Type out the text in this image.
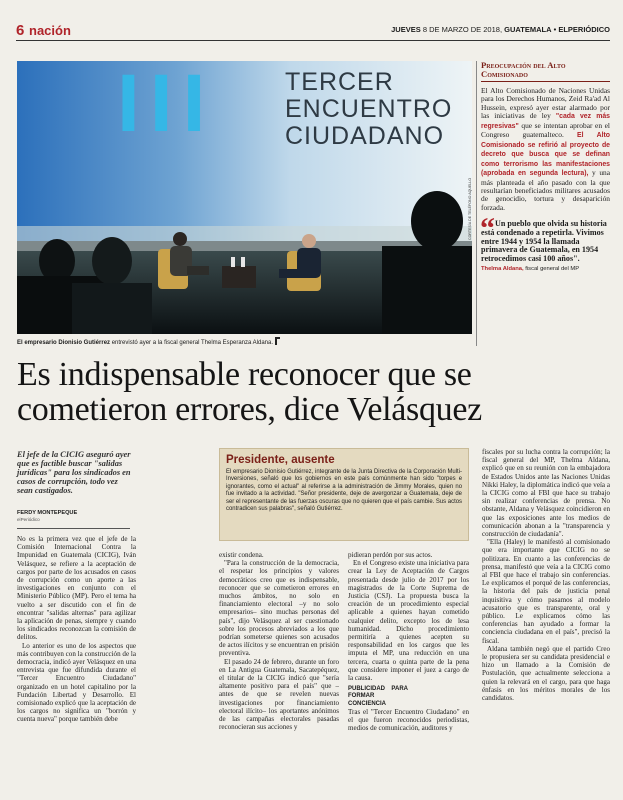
6 nación	JUEVES 8 DE MARZO DE 2018, GUATEMALA • ELPERIÓDICO
III	TERCER
ENCUENTRO
CIUDADANO
CORTESÍA DE TELÉFONO AQUELLO
El empresario Dionisio Gutiérrez entrevistó ayer a la fiscal general Thelma Esperanza Aldana.
Preocupación del Alto Comisionado
El Alto Comisionado de Naciones Unidas para los Derechos Humanos, Zeid Ra'ad Al Hussein, expresó ayer estar alarmado por las iniciativas de ley "cada vez más regresivas" que se intentan aprobar en el Congreso guatemalteco. El Alto Comisionado se refirió al proyecto de decreto que busca que se definan como terrorismo las manifestaciones (aprobada en segunda lectura), y una más planteada el año pasado con la que resultarían beneficiados militares acusados de genocidio, tortura y desaparición forzada.
“ Un pueblo que olvida su historia está condenado a repetirla. Vivimos entre 1944 y 1954 la llamada primavera de Guatemala, en 1954 retrocedimos casi 100 años".
Thelma Aldana, fiscal general del MP
Es indispensable reconocer que se cometieron errores, dice Velásquez
El jefe de la CICIG aseguró ayer que es factible buscar "salidas jurídicas" para los sindicados en casos de corrupción, todo vez sean castigados.
FERDY MONTEPEQUE
elPeriódico
Presidente, ausente
El empresario Dionisio Gutiérrez, integrante de la Junta Directiva de la Corporación Multi-Inversiones, señaló que los gobiernos en este país comúnmente han sido "torpes e ignorantes, como el actual" al referirse a la administración de Jimmy Morales, quien no fue invitado a la actividad. "Señor presidente, deje de avergonzar a Guatemala, deje de ser el representante de las fuerzas oscuras que no quieren que el país cambie. Sus actos contradicen sus palabras", señaló Gutiérrez.

No es la primera vez que el jefe de la Comisión Internacional Contra la Impunidad en Guatemala (CICIG), Iván Velásquez, se refiere a la aceptación de cargos por parte de los acusados en casos de corrupción como un aporte a las investigaciones en conjunto con el Ministerio Público (MP). Pero el tema ha vuelto a ser discutido con el fin de encontrar "salidas alternas" para agilizar la aplicación de penas, siempre y cuando los sindicados reconozcan la comisión de delitos.

Lo anterior es uno de los aspectos que más contribuyen con la construcción de la democracia, indicó ayer Velásquez en una entrevista que fue difundida durante el "Tercer Encuentro Ciudadano" organizado en un hotel capitalino por la Fundación Libertad y Desarrollo. El comisionado explicó que la aceptación de los cargos no significa un "borrón y cuenta nueva" porque también debe

existir condena.

"Para la construcción de la democracia, el respetar los principios y valores democráticos creo que es indispensable, reconocer que se cometieron errores en muchos ámbitos, no solo en financiamiento electoral –y no solo empresarios– sino muchas personas del país", dijo Velásquez al ser cuestionado sobre los procesos abreviados a los que podrían someterse quienes son acusados de actos ilícitos y se encuentran en prisión preventiva.

El pasado 24 de febrero, durante un foro en La Antigua Guatemala, Sacatepéquez, el titular de la CICIG indicó que "sería altamente positivo para el país" que –antes de que se revelen nuevas investigaciones por financiamiento electoral ilícito– los aportantes anónimos de las campañas electorales pasadas reconocieran sus acciones y

pidieran perdón por sus actos.

En el Congreso existe una iniciativa para crear la Ley de Aceptación de Cargos presentada desde julio de 2017 por los magistrados de la Corte Suprema de Justicia (CSJ). La propuesta busca la creación de un procedimiento especial aplicable a quienes hayan cometido cualquier delito, excepto los de lesa humanidad. Dicho procedimiento permitiría a quienes acepten su responsabilidad en los cargos que les imputa el MP, una reducción en una tercera, cuarta o quinta parte de la pena que considere imponer el juez a cargo de la causa.

PUBLICIDAD PARA FORMAR CONCIENCIA

Tras el "Tercer Encuentro Ciudadano" en el que fueron reconocidos periodistas, medios de comunicación, auditores y

fiscales por su lucha contra la corrupción; la fiscal general del MP, Thelma Aldana, explicó que en su reunión con la embajadora de Estados Unidos ante las Naciones Unidas Nikki Haley, la diplomática indicó que veía a la CICIG como al FBI que hace su trabajo sin realizar conferencias de prensa. No obstante, Aldana y Velásquez coincidieron en que las exposiciones ante los medios de comunicación abonan a la "transparencia y construcción de ciudadanía".

"Ella (Haley) le manifestó al comisionado que era importante que CICIG no se politizara. En cuanto a las conferencias de prensa, manifestó que veía a la CICIG como al FBI que hace el trabajo sin conferencias. Le explicamos el porqué de las conferencias, la historia del país de justicia penal inquisitiva y cómo pasamos al modelo acusatorio que es transparente, oral y público. Le explicamos cómo las conferencias han ayudado a formar la conciencia ciudadana en el país", precisó la fiscal.

Aldana también negó que el partido Creo le propusiera ser su candidata presidencial e hizo un llamado a la Comisión de Postulación, que actualmente selecciona a quien la relevará en el cargo, para que haga énfasis en los méritos morales de los candidatos.
